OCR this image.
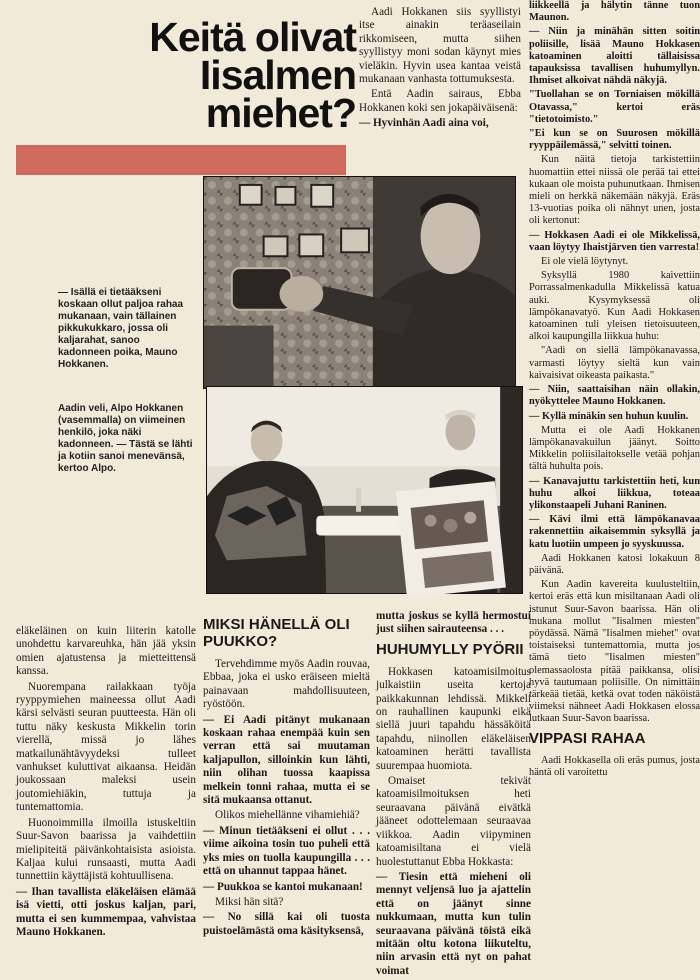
Keitä olivat
Iisalmen
miehet?

Aadi Hokkanen siis syyllistyi itse ainakin teräaseilain rikkomiseen, mutta siihen syyllistyy moni sodan käynyt mies vieläkin. Hyvin usea kantaa veistä mukanaan vanhasta tottumuksesta.

Entä Aadin sairaus, Ebba Hokkanen koki sen jokapäiväisenä:

— Hyvinhän Aadi aina voi,

— Isällä ei tietääkseni koskaan ollut paljoa rahaa mukanaan, vain tällainen pikkukukkaro, jossa oli kaljarahat, sanoo kadonneen poika, Mauno Hokkanen.
Aadin veli, Alpo Hokkanen (vasemmalla) on viimeinen henkilö, joka näki kadonneen. — Tästä se lähti ja kotiin sanoi menevänsä, kertoo Alpo.

eläkeläinen on kuin liiterin katolle unohdettu karvareuhka, hän jää yksin omien ajatustensa ja mietteittensä kanssa.

Nuorempana railakkaan työja ryyppymiehen maineessa ollut Aadi kärsi selvästi seuran puutteesta. Hän oli tuttu näky keskusta Mikkelin torin vierellä, missä jo lähes matkailunähtävyydeksi tulleet vanhukset kuluttivat aikaansa. Heidän joukossaan maleksi usein joutomiehiäkin, tuttuja ja tuntemattomia.

Huonoimmilla ilmoilla istuskeltiin Suur-Savon baarissa ja vaihdettiin mielipiteitä päivänkohtaisista asioista. Kaljaa kului runsaasti, mutta Aadi tunnettiin käyttäjistä kohtuullisena.

— Ihan tavallista eläkeläisen elämää isä vietti, otti joskus kaljan, pari, mutta ei sen kummempaa, vahvistaa Mauno Hokkanen.

MIKSI HÄNELLÄ OLI PUUKKO?

Tervehdimme myös Aadin rouvaa, Ebbaa, joka ei usko eräiseen mieltä painavaan mahdollisuuteen, ryöstöön.

— Ei Aadi pitänyt mukanaan koskaan rahaa enempää kuin sen verran että sai muutaman kaljapullon, silloinkin kun lähti, niin olihan tuossa kaapissa melkein tonni rahaa, mutta ei se sitä mukaansa ottanut.

Olikos miehellänne vihamiehiä?

— Minun tietääkseni ei ollut . . . viime aikoina tosin tuo puheli että yks mies on tuolla kaupungilla . . . että on uhannut tappaa hänet.

— Puukkoa se kantoi mukanaan!

Miksi hän sitä?

— No sillä kai oli tuosta puistoelämästä oma käsityksensä,

mutta joskus se kyllä hermostui just siihen sairauteensa . . .

HUHUMYLLY PYÖRII

Hokkasen katoamisilmoitus julkaistiin useita kertoja paikkakunnan lehdissä. Mikkeli on rauhallinen kaupunki eikä siellä juuri tapahdu hässäköitä tapahdu, niinollen eläkeläisen katoaminen herätti tavallista suurempaa huomiota.

Omaiset tekivät katoamisilmoituksen heti seuraavana päivänä eivätkä jääneet odottelemaan seuraavaa viikkoa. Aadin viipyminen katoamisiltana ei vielä huolestuttanut Ebba Hokkasta:

— Tiesin että mieheni oli mennyt veljensä luo ja ajattelin että on jäänyt sinne nukkumaan, mutta kun tulin seuraavana päivänä töistä eikä mitään oltu kotona liikuteltu, niin arvasin että nyt on pahat voimat

liikkeellä ja hälytin tänne tuon Maunon.

— Niin ja minähän sitten soitin poliisille, lisää Mauno Hokkasen katoaminen aloitti tällaisissa tapauksissa tavallisen huhumyllyn. Ihmiset alkoivat nähdä näkyjä.

"Tuollahan se on Torniaisen mökillä Otavassa," kertoi eräs "tietotoimisto."

"Ei kun se on Suurosen mökillä ryyppäilemässä," selvitti toinen.

Kun näitä tietoja tarkistettiin huomattiin ettei niissä ole perää tai ettei kukaan ole moista puhunutkaan. Ihmisen mieli on herkkä näkemään näkyjä. Eräs 13-vuotias poika oli nähnyt unen, josta oli kertonut:

— Hokkasen Aadi ei ole Mikkelissä, vaan löytyy Ihaistjärven tien varresta!

Ei ole vielä löytynyt.

Syksyllä 1980 kaivettiin Porrassalmenkadulla Mikkelissä katua auki. Kysymyksessä oli lämpökanavatyö. Kun Aadi Hokkasen katoaminen tuli yleisen tietoisuuteen, alkoi kaupungilla liikkua huhu:

"Aadi on siellä lämpökanavassa, varmasti löytyy sieltä kun vain kaivaisivat oikeasta paikasta."

— Niin, saattaisihan näin ollakin, nyökyttelee Mauno Hokkanen.

— Kyllä minäkin sen huhun kuulin.

Mutta ei ole Aadi Hokkanen lämpökanavakuilun jäänyt. Soitto Mikkelin poliisilaitokselle vetää pohjan tältä huhulta pois.

— Kanavajuttu tarkistettiin heti, kun huhu alkoi liikkua, toteaa ylikonstaapeli Juhani Raninen.

— Kävi ilmi että lämpökanavaa rakennettiin aikaisemmin syksyllä ja katu luotiin umpeen jo syyskuussa.

Aadi Hokkanen katosi lokakuun 8 päivänä.

Kun Aadin kavereita kuulusteltiin, kertoi eräs että kun misiltanaan Aadi oli istunut Suur-Savon baarissa. Hän oli mukana mollut "Iisalmen miesten" pöydässä. Nämä "Iisalmen miehet" ovat toistaiseksi tuntemattomia, mutta jos tämä tieto "Iisalmen miesten" olemassaolosta pitää paikkansa, olisi hyvä tautumaan poliisille. On nimittäin tärkeää tietää, ketkä ovat toden näköistä viimeksi nähneet Aadi Hokkasen elossa lutkaan Suur-Savon baarissa.

VIPPASI RAHAA

Aadi Hokkasella oli eräs pumus, josta häntä oli varoitettu
